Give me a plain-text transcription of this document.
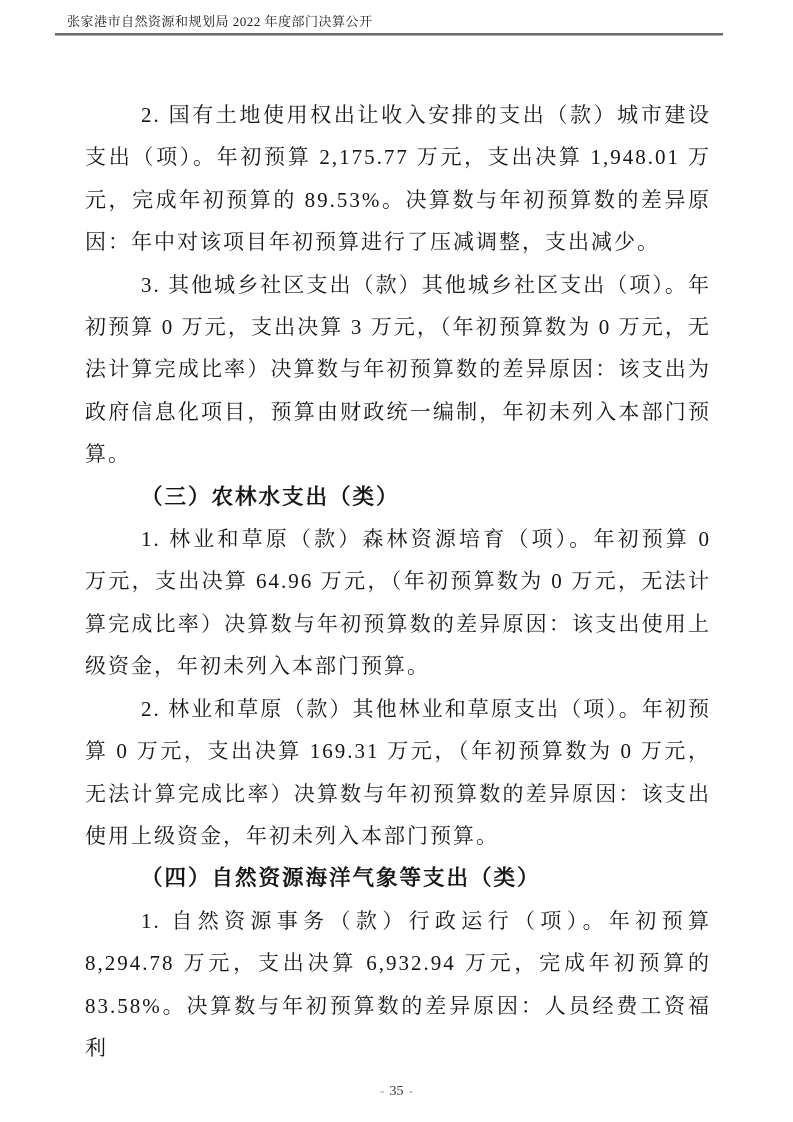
张家港市自然资源和规划局 2022 年度部门决算公开

2. 国有土地使用权出让收入安排的支出（款）城市建设支出（项）。年初预算 2,175.77 万元，支出决算 1,948.01 万元，完成年初预算的 89.53%。决算数与年初预算数的差异原因：年中对该项目年初预算进行了压减调整，支出减少。

3. 其他城乡社区支出（款）其他城乡社区支出（项）。年初预算 0 万元，支出决算 3 万元，（年初预算数为 0 万元，无法计算完成比率）决算数与年初预算数的差异原因：该支出为政府信息化项目，预算由财政统一编制，年初未列入本部门预算。

（三）农林水支出（类）

1. 林业和草原（款）森林资源培育（项）。年初预算 0 万元，支出决算 64.96 万元，（年初预算数为 0 万元，无法计算完成比率）决算数与年初预算数的差异原因：该支出使用上级资金，年初未列入本部门预算。

2. 林业和草原（款）其他林业和草原支出（项）。年初预算 0 万元，支出决算 169.31 万元，（年初预算数为 0 万元，无法计算完成比率）决算数与年初预算数的差异原因：该支出使用上级资金，年初未列入本部门预算。

（四）自然资源海洋气象等支出（类）

1. 自然资源事务（款）行政运行（项）。年初预算 8,294.78 万元，支出决算 6,932.94 万元，完成年初预算的 83.58%。决算数与年初预算数的差异原因：人员经费工资福利

- 35 -
